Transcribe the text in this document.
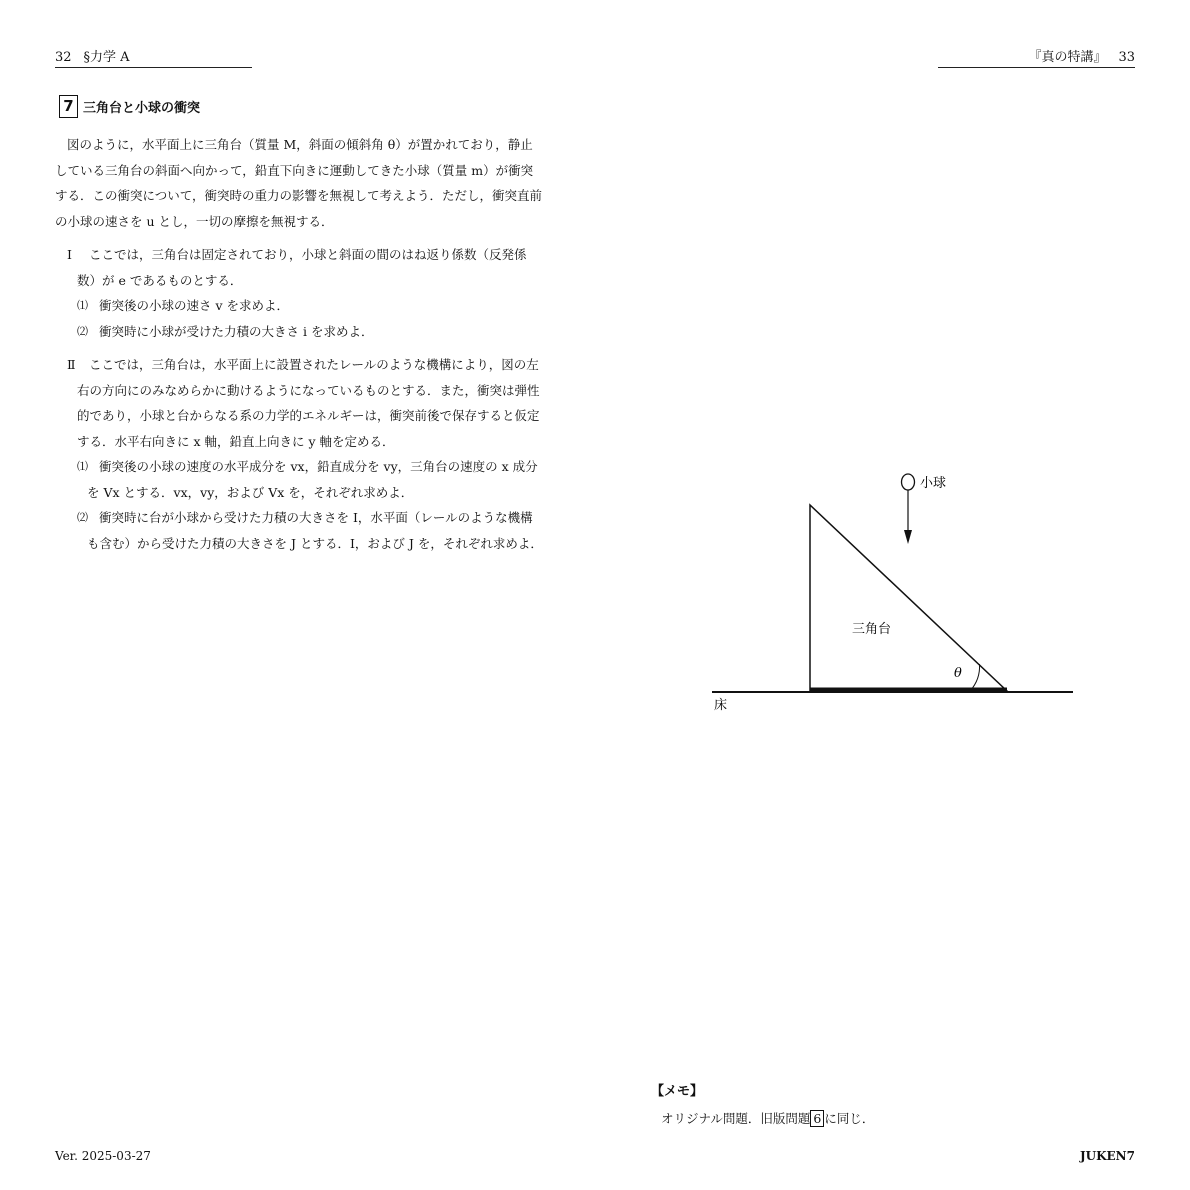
32 §力学 A	『真の特講』 33
7 三角台と小球の衝突
図のように，水平面上に三角台（質量 M，斜面の傾斜角 θ）が置かれており，静止している三角台の斜面へ向かって，鉛直下向きに運動してきた小球（質量 m）が衝突する．この衝突について，衝突時の重力の影響を無視して考えよう．ただし，衝突直前の小球の速さを u とし，一切の摩擦を無視する．
Ⅰ	ここでは，三角台は固定されており，小球と斜面の間のはね返り係数（反発係数）が e であるものとする．
⑴ 衝突後の小球の速さ v を求めよ．
⑵ 衝突時に小球が受けた力積の大きさ i を求めよ．
Ⅱ	ここでは，三角台は，水平面上に設置されたレールのような機構により，図の左右の方向にのみなめらかに動けるようになっているものとする．また，衝突は弾性的であり，小球と台からなる系の力学的エネルギーは，衝突前後で保存すると仮定する．水平右向きに x 軸，鉛直上向きに y 軸を定める．
⑴ 衝突後の小球の速度の水平成分を vx，鉛直成分を vy，三角台の速度の x 成分を Vx とする．vx，vy，および Vx を，それぞれ求めよ．
⑵ 衝突時に台が小球から受けた力積の大きさを I，水平面（レールのような機構も含む）から受けた力積の大きさを J とする．I，および J を，それぞれ求めよ．
小球
三角台
θ
床
【メモ】
オリジナル問題．旧版問題 6 に同じ．
Ver. 2025-03-27	JUKEN7
